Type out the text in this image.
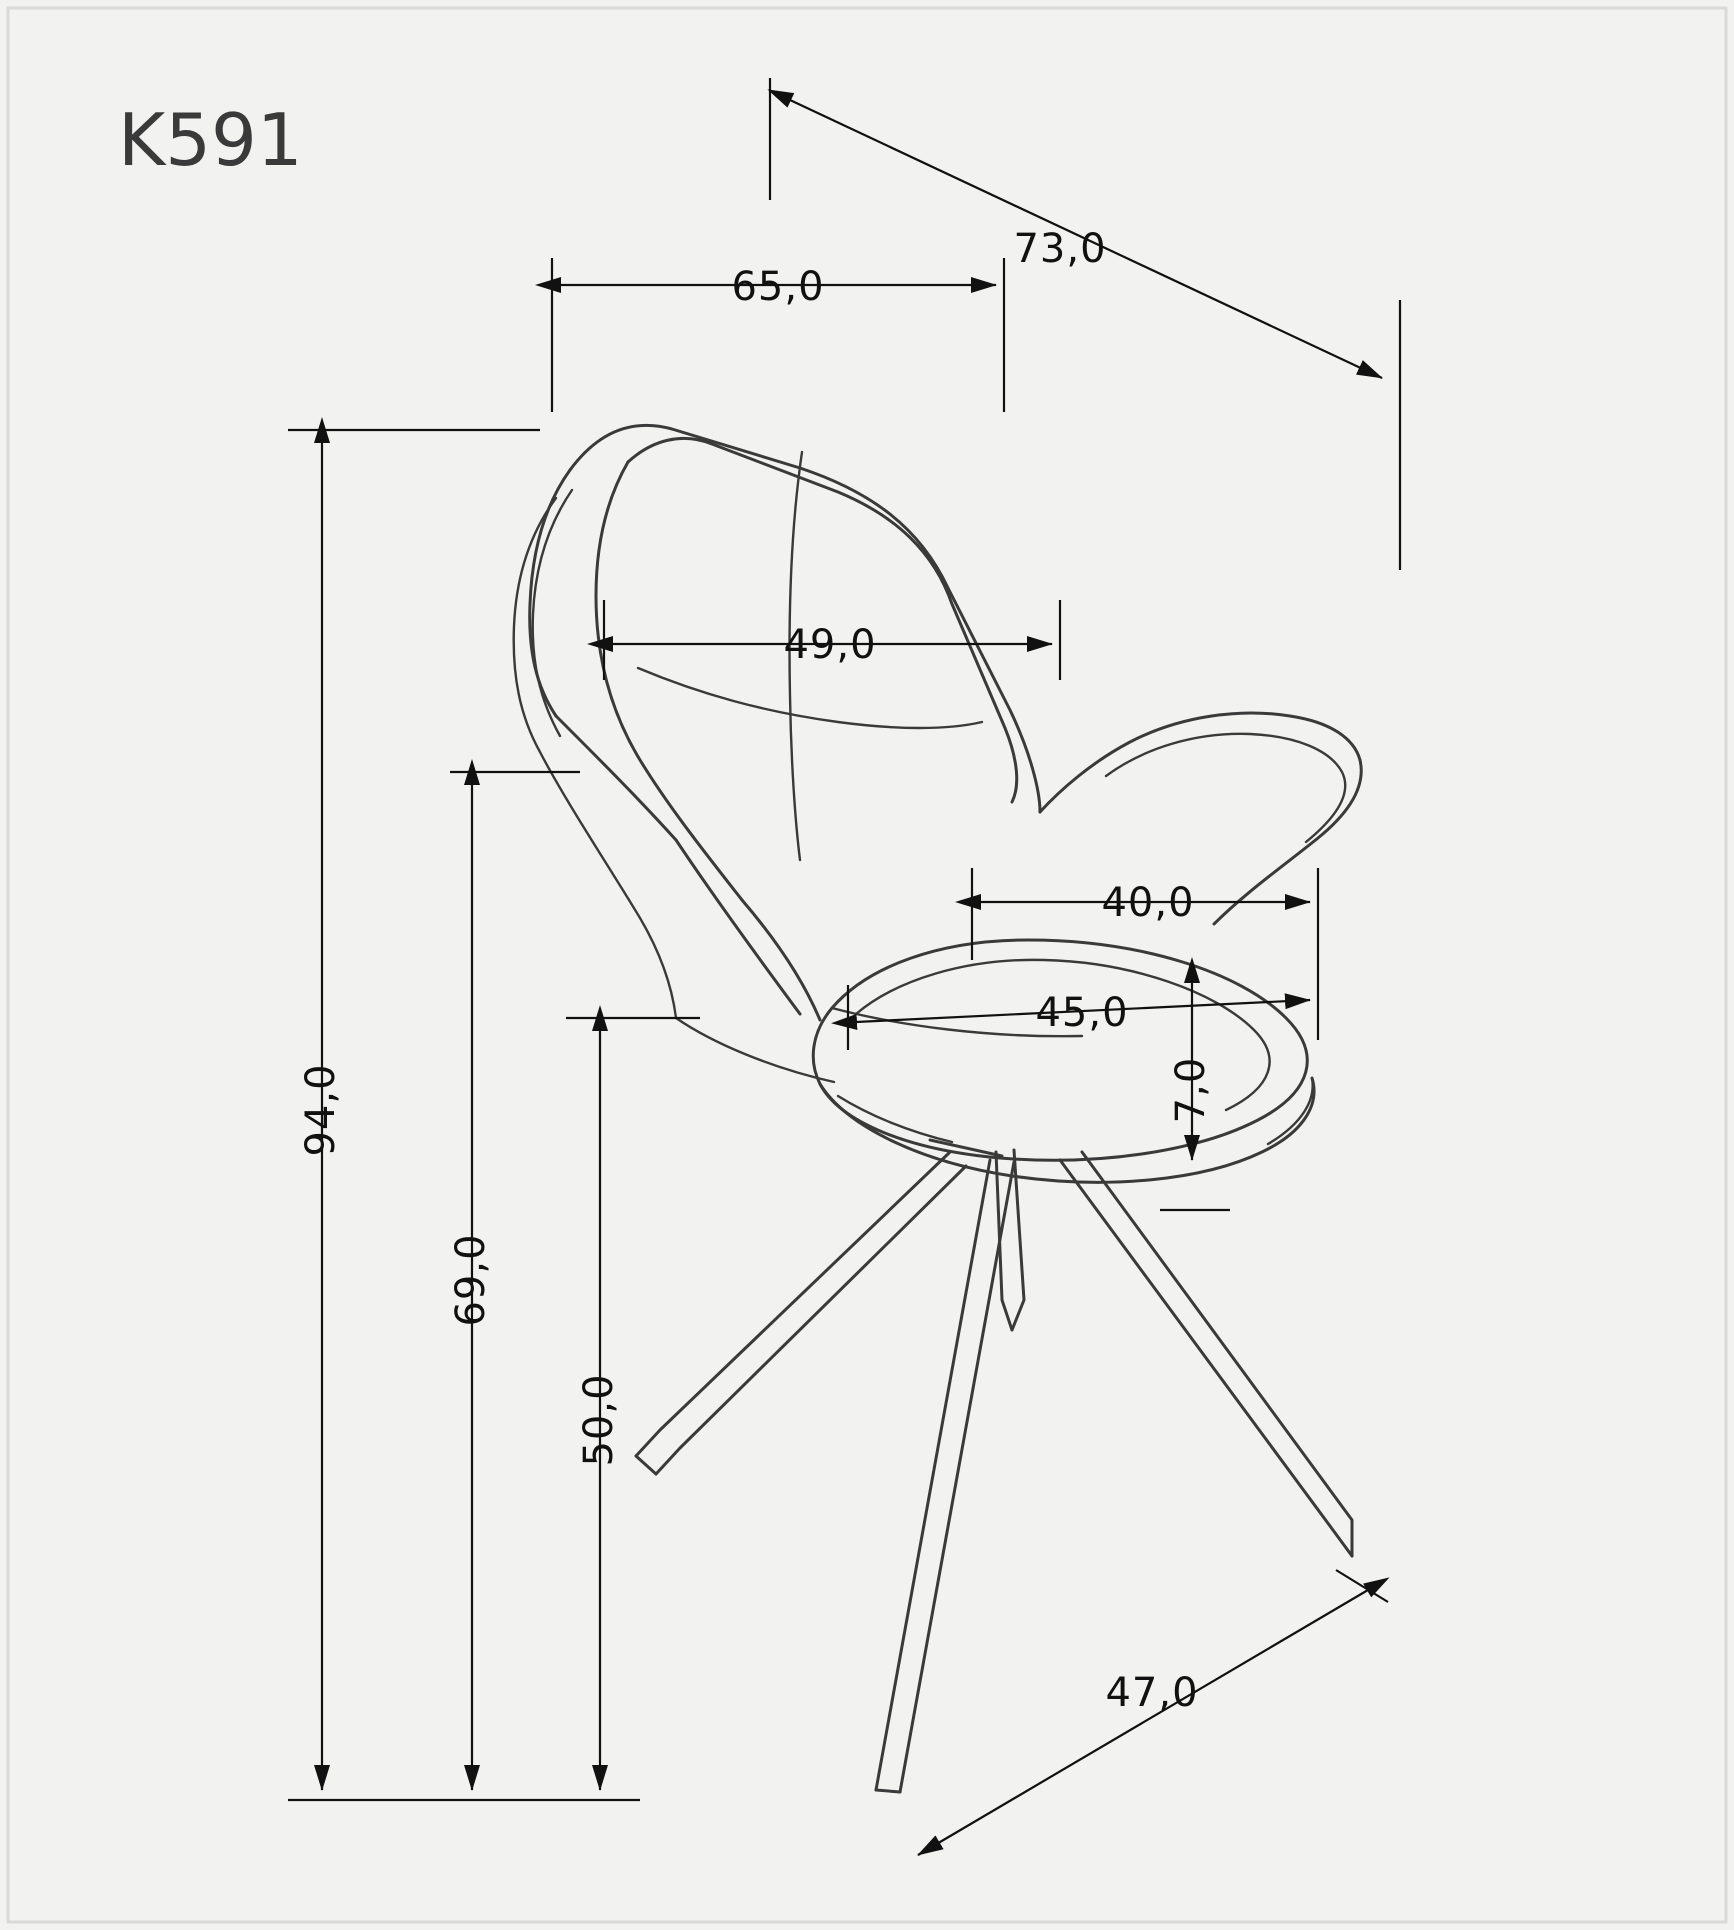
73,0
65,0
49,0
40,0
45,0
7,0
94,0
69,0
50,0
47,0
K591
